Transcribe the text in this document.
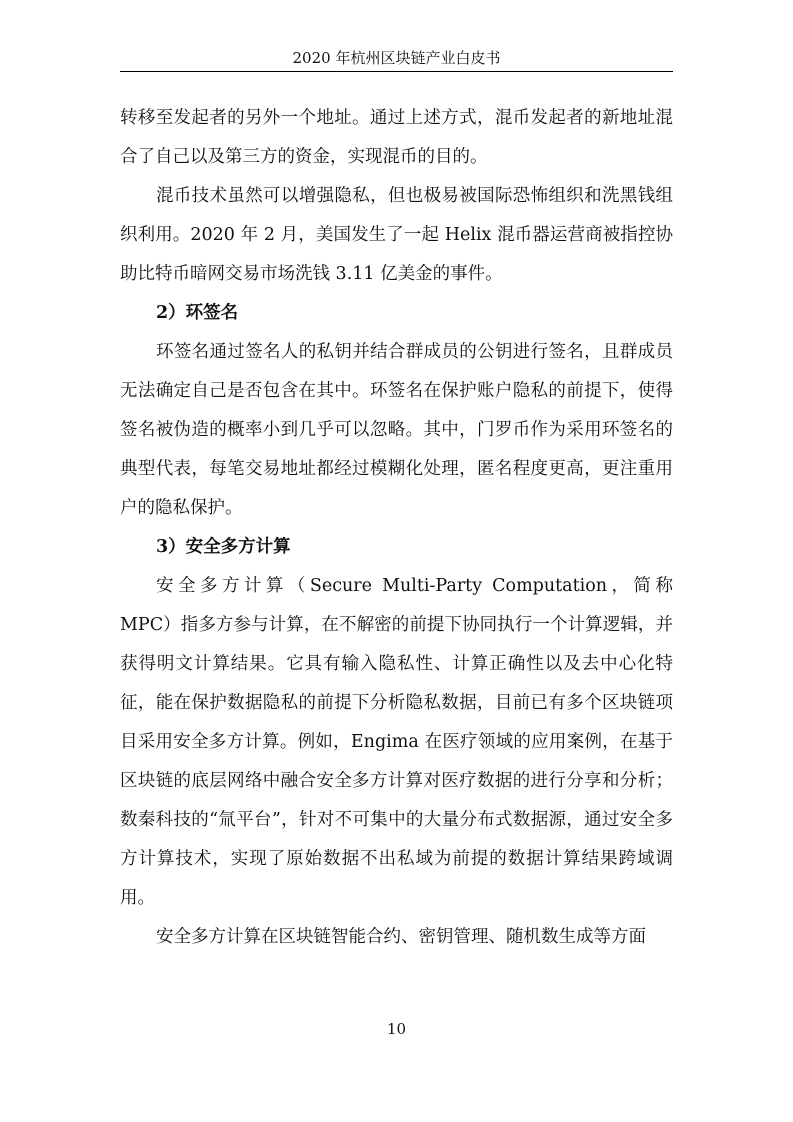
2020 年杭州区块链产业白皮书

转移至发起者的另外一个地址。通过上述方式，混币发起者的新地址混合了自己以及第三方的资金，实现混币的目的。

混币技术虽然可以增强隐私，但也极易被国际恐怖组织和洗黑钱组织利用。2020 年 2 月，美国发生了一起 Helix 混币器运营商被指控协助比特币暗网交易市场洗钱 3.11 亿美金的事件。

2）环签名

环签名通过签名人的私钥并结合群成员的公钥进行签名，且群成员无法确定自己是否包含在其中。环签名在保护账户隐私的前提下，使得签名被伪造的概率小到几乎可以忽略。其中，门罗币作为采用环签名的典型代表，每笔交易地址都经过模糊化处理，匿名程度更高，更注重用户的隐私保护。

3）安全多方计算

安全多方计算（Secure Multi-Party Computation，简称 MPC）指多方参与计算，在不解密的前提下协同执行一个计算逻辑，并获得明文计算结果。它具有输入隐私性、计算正确性以及去中心化特征，能在保护数据隐私的前提下分析隐私数据，目前已有多个区块链项目采用安全多方计算。例如，Engima 在医疗领域的应用案例，在基于区块链的底层网络中融合安全多方计算对医疗数据的进行分享和分析；数秦科技的“氚平台”，针对不可集中的大量分布式数据源，通过安全多方计算技术，实现了原始数据不出私域为前提的数据计算结果跨域调用。

安全多方计算在区块链智能合约、密钥管理、随机数生成等方面

10
